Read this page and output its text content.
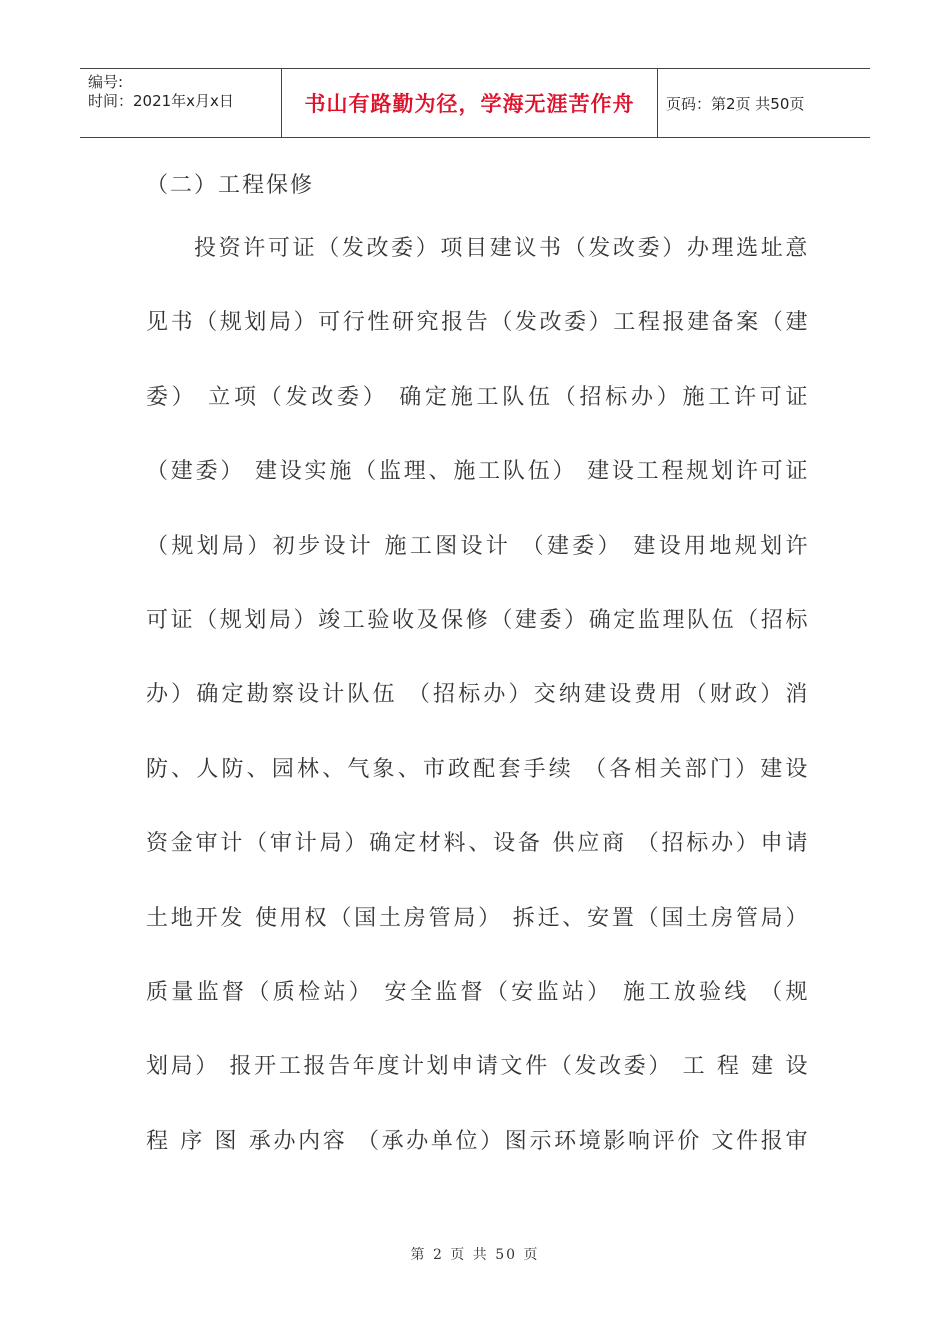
编号:
时间：2021年x月x日	书山有路勤为径，学海无涯苦作舟	页码：第2页 共50页

（二）工程保修

投资许可证（发改委）项目建议书（发改委）办理选址意见书（规划局）可行性研究报告（发改委）工程报建备案（建委） 立项（发改委） 确定施工队伍（招标办）施工许可证（建委） 建设实施（监理、施工队伍） 建设工程规划许可证（规划局）初步设计 施工图设计 （建委） 建设用地规划许可证（规划局）竣工验收及保修（建委）确定监理队伍（招标办）确定勘察设计队伍 （招标办）交纳建设费用（财政）消防、人防、园林、气象、市政配套手续 （各相关部门）建设资金审计（审计局）确定材料、设备 供应商 （招标办）申请土地开发 使用权（国土房管局） 拆迁、安置（国土房管局） 质量监督（质检站） 安全监督（安监站） 施工放验线 （规划局） 报开工报告年度计划申请文件（发改委） 工 程 建 设 程 序 图 承办内容 （承办单位）图示环境影响评价 文件报审

第 2 页 共 50 页
